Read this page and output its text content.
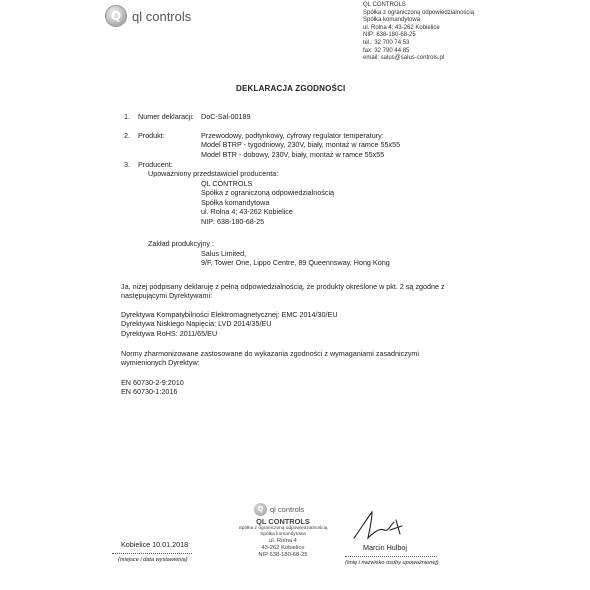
Q ql controls
QL CONTROLS
Spółka z ograniczoną odpowiedzialnością
Spółka komandytowa
ul. Rolna 4; 43-262 Kobielice
NIP: 638-180-68-25
tel.: 32 700 74 53
fax: 32 790 44 85
email: salus@salus-controls.pl
DEKLARACJA ZGODNOŚCI
1. Numer deklaracji: DoC-Sal-00189
2. Produkt:	Przewodowy, podtynkowy, cyfrowy regulator temperatury:
Model BTRP - tygodniowy, 230V, biały, montaż w ramce 55x55
Model BTR - dobowy, 230V, biały, montaż w ramce 55x55
3. Producent:
Upoważniony przedstawiciel producenta:
QL CONTROLS
Spółka z ograniczoną odpowiedzialnością
Spółka komandytowa
ul. Rolna 4; 43-262 Kobielice
NIP: 638-180-68-25
Zakład produkcyjny :
Salus Limited,
9/F, Tower One, Lippo Centre, 89 Queennsway, Hong Kong
Ja, niżej podpisany deklaruję z pełną odpowiedzialnością, że produkty określone w pkt. 2 są zgodne z
następującymi Dyrektywami:
Dyrektywa Kompatybilności Elektromagnetycznej: EMC 2014/30/EU
Dyrektywa Niskiego Napięcia: LVD 2014/35/EU
Dyrektywa RoHS: 2011/65/EU
Normy zharmonizowane zastosowane do wykazania zgodności z wymaganiami zasadniczymi
wymienionych Dyrektyw:
EN 60730-2-9:2010
EN 60730-1:2016
Kobielice 10.01.2018
(miejsce i data wystawienia)
Q ql controls
QL CONTROLS
Spółka z ograniczoną odpowiedzialnością
Spółka komandytowa
ul. Rolna 4
43-262 Kobielice
NIP 638-180-68-25
Marcin Hulboj
(imię i nazwisko osoby upoważnionej)
